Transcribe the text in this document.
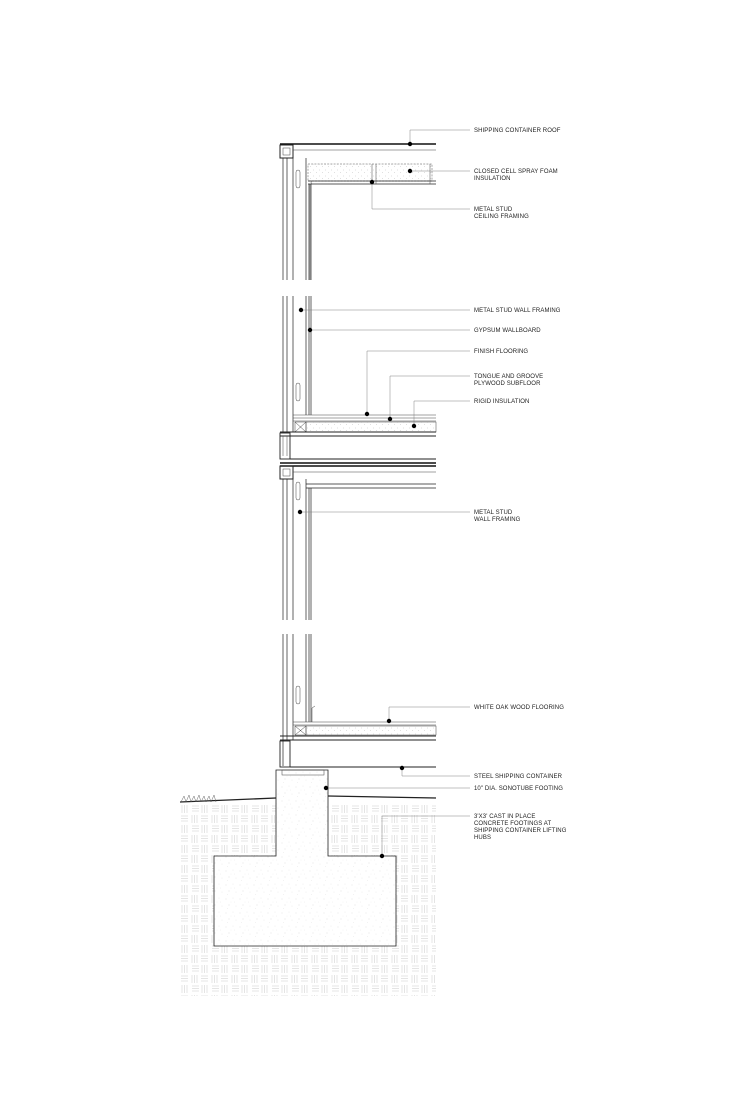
SHIPPING CONTAINER ROOF
CLOSED CELL SPRAY FOAM
INSULATION
METAL STUD
CEILING FRAMING
METAL STUD WALL FRAMING
GYPSUM WALLBOARD
FINISH FLOORING
TONGUE AND GROOVE
PLYWOOD SUBFLOOR
RIGID INSULATION
METAL STUD
WALL FRAMING
WHITE OAK WOOD FLOORING
STEEL SHIPPING CONTAINER
10" DIA. SONOTUBE FOOTING
3'X3' CAST IN PLACE
CONCRETE FOOTINGS AT
SHIPPING CONTAINER LIFTING
HUBS
